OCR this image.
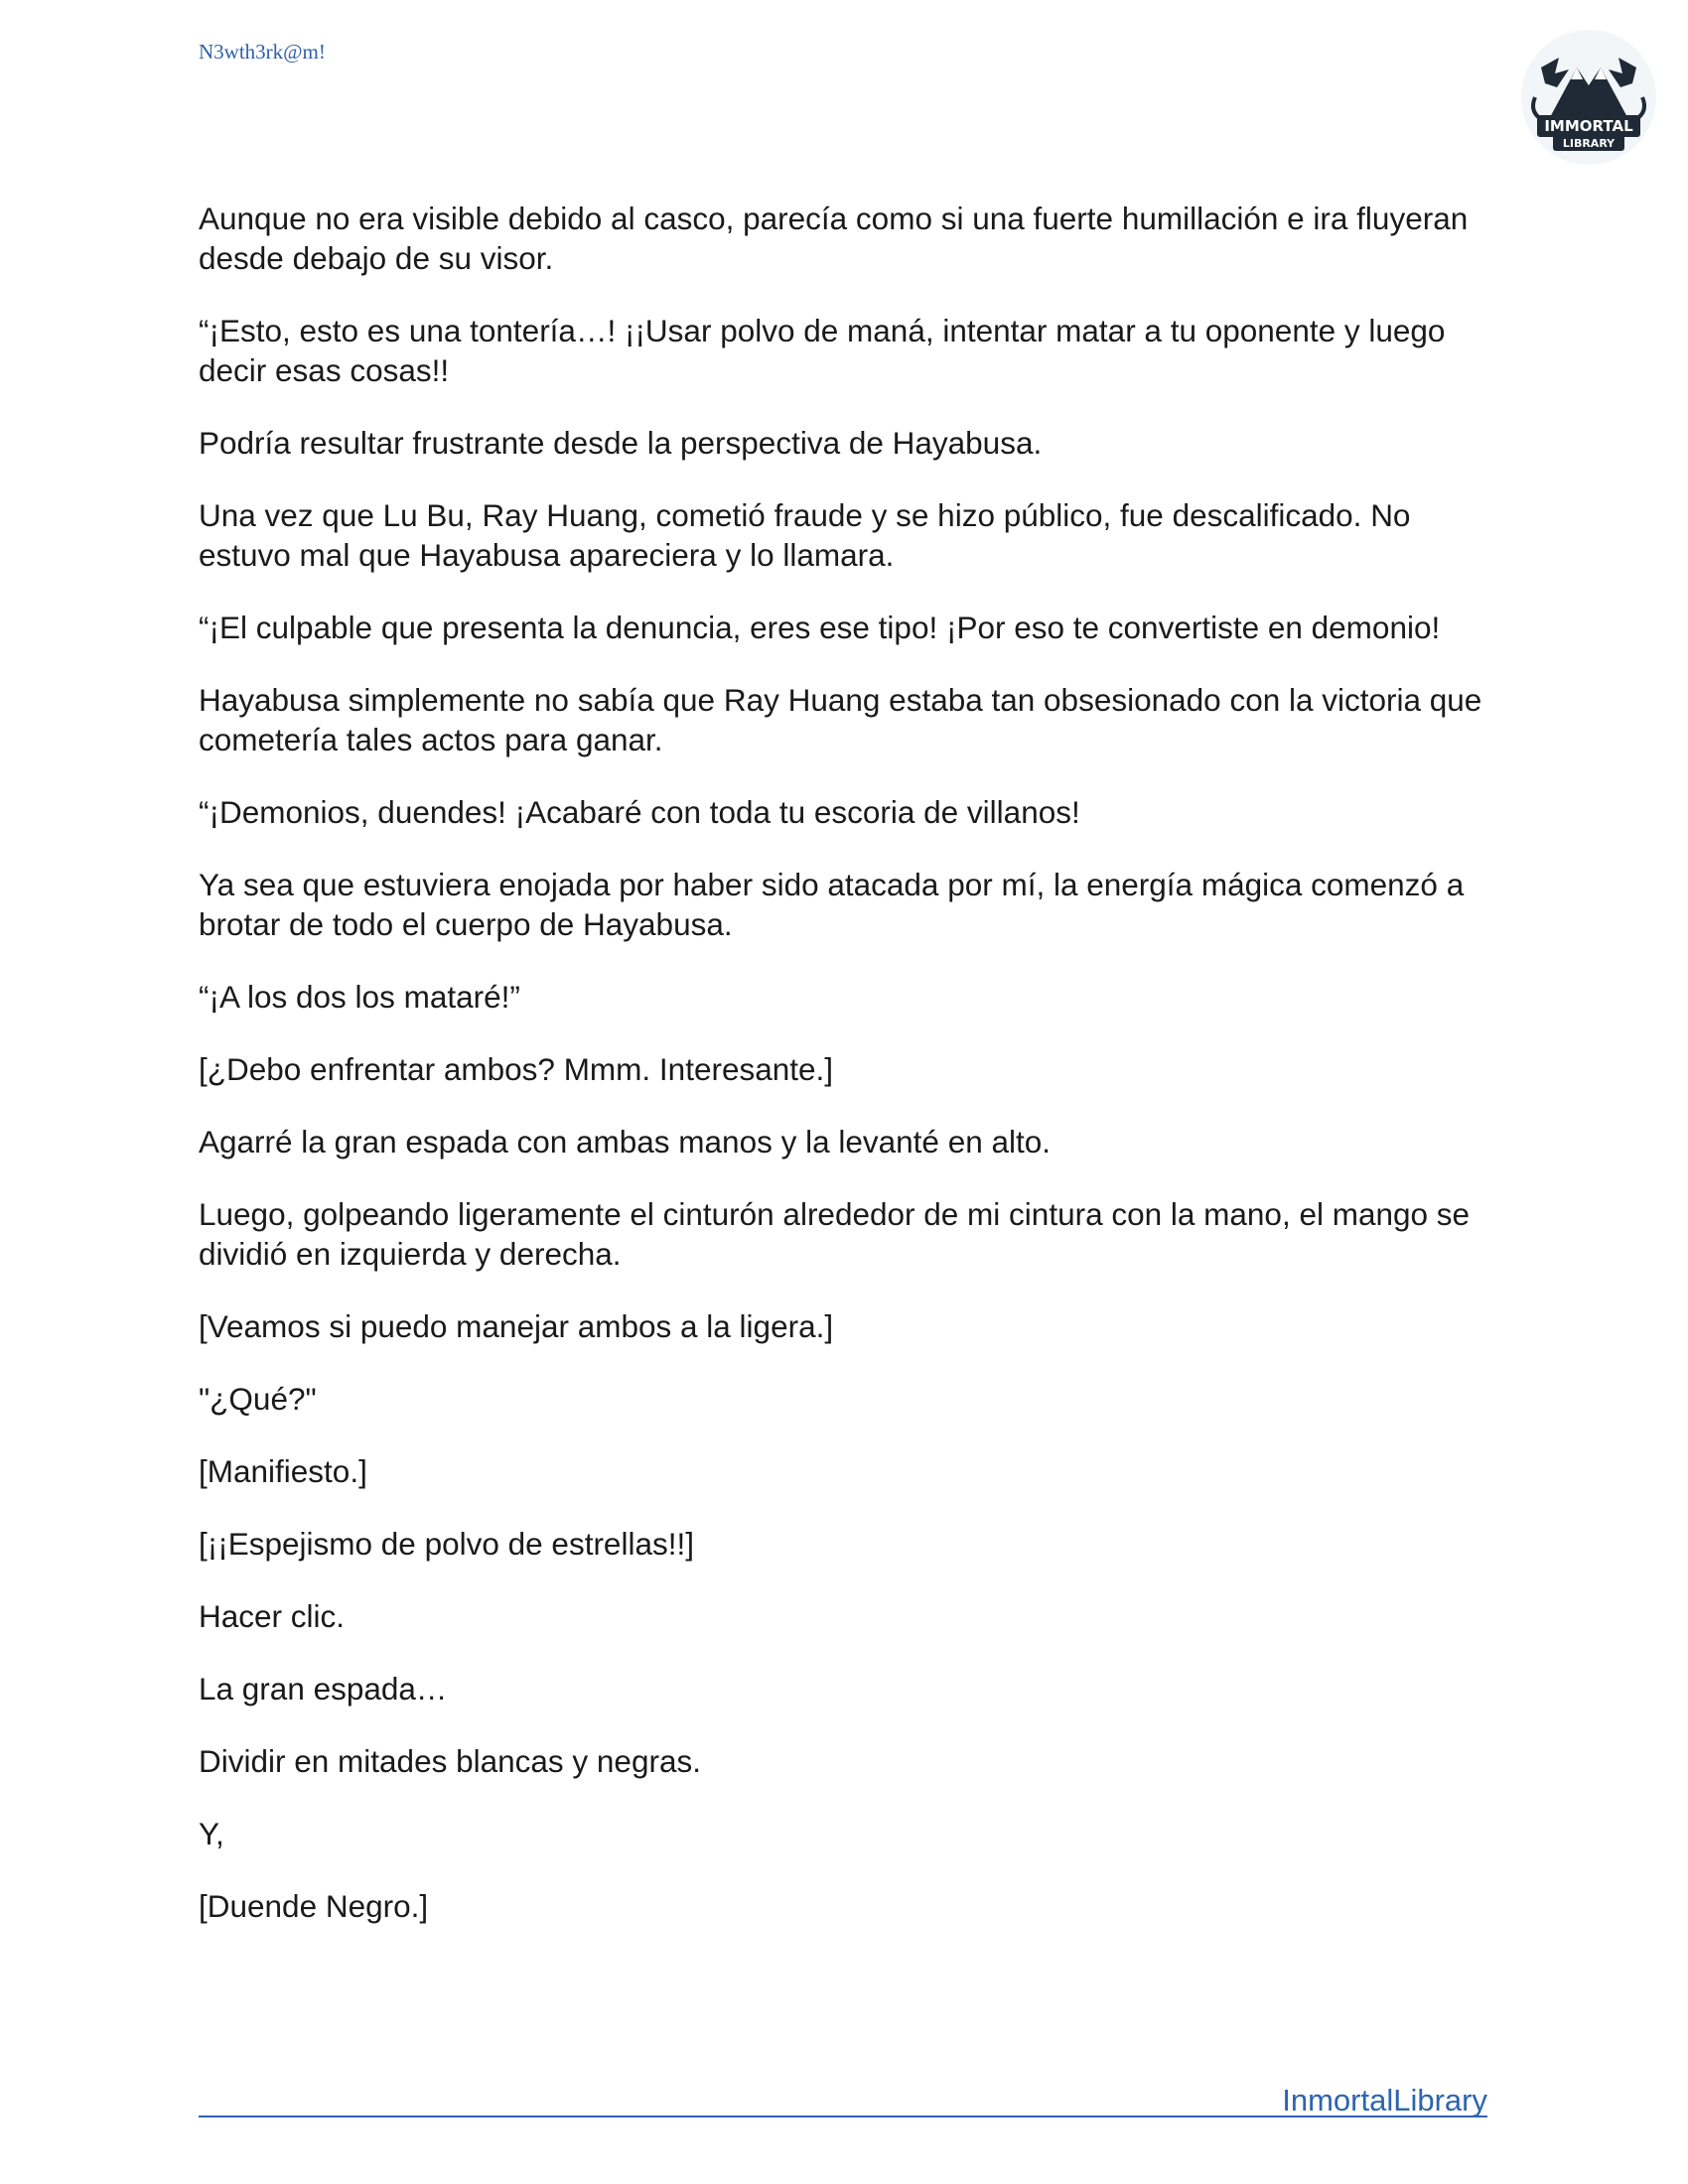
N3wth3rk@m!
IMMORTAL
LIBRARY

Aunque no era visible debido al casco, parecía como si una fuerte humillación e ira fluyeran desde debajo de su visor.

“¡Esto, esto es una tontería…! ¡¡Usar polvo de maná, intentar matar a tu oponente y luego decir esas cosas!!

Podría resultar frustrante desde la perspectiva de Hayabusa.

Una vez que Lu Bu, Ray Huang, cometió fraude y se hizo público, fue descalificado. No estuvo mal que Hayabusa apareciera y lo llamara.

“¡El culpable que presenta la denuncia, eres ese tipo! ¡Por eso te convertiste en demonio!

Hayabusa simplemente no sabía que Ray Huang estaba tan obsesionado con la victoria que cometería tales actos para ganar.

“¡Demonios, duendes! ¡Acabaré con toda tu escoria de villanos!

Ya sea que estuviera enojada por haber sido atacada por mí, la energía mágica comenzó a brotar de todo el cuerpo de Hayabusa.

“¡A los dos los mataré!”

[¿Debo enfrentar ambos? Mmm. Interesante.]

Agarré la gran espada con ambas manos y la levanté en alto.

Luego, golpeando ligeramente el cinturón alrededor de mi cintura con la mano, el mango se dividió en izquierda y derecha.

[Veamos si puedo manejar ambos a la ligera.]

"¿Qué?"

[Manifiesto.]

[¡¡Espejismo de polvo de estrellas!!]

Hacer clic.

La gran espada…

Dividir en mitades blancas y negras.

Y,

[Duende Negro.]

InmortalLibrary
